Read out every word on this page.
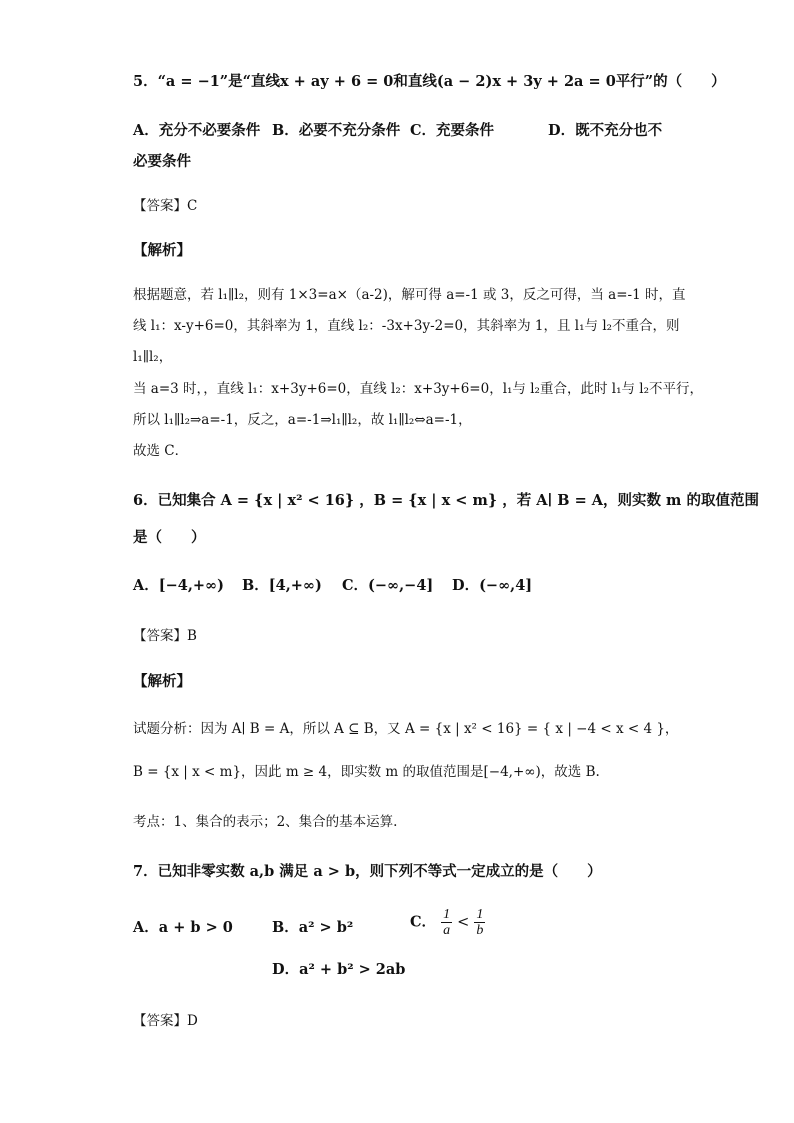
5．“a = −1”是“直线x + ay + 6 = 0和直线(a − 2)x + 3y + 2a = 0平行”的（　　）
A．充分不必要条件 B．必要不充分条件 C．充要条件	D．既不充分也不
必要条件
【答案】C
【解析】
根据题意，若 l₁∥l₂，则有 1×3=a×（a-2)，解可得 a=-1 或 3，反之可得，当 a=-1 时，直
线 l₁：x-y+6=0，其斜率为 1，直线 l₂：-3x+3y-2=0，其斜率为 1，且 l₁与 l₂不重合，则
l₁∥l₂，
当 a=3 时，，直线 l₁：x+3y+6=0，直线 l₂：x+3y+6=0，l₁与 l₂重合，此时 l₁与 l₂不平行，
所以 l₁∥l₂⇒a=-1，反之，a=-1⇒l₁∥l₂，故 l₁∥l₂⇔a=-1，
故选 C．
6．已知集合 A = {x | x² < 16} ，B = {x | x < m} ，若 A∣ B = A，则实数 m 的取值范围
是（　　）
A．[−4,+∞) B．[4,+∞) C．(−∞,−4] D．(−∞,4]
【答案】B
【解析】
试题分析：因为 A∣ B = A，所以 A ⊆ B，又 A = {x | x² < 16} = { x | −4 < x < 4 }，
B = {x | x < m}，因此 m ≥ 4，即实数 m 的取值范围是[−4,+∞)，故选 B.
考点：1、集合的表示；2、集合的基本运算.
7．已知非零实数 a,b 满足 a > b，则下列不等式一定成立的是（　　）
A．a + b > 0	B．a² > b²	C． $\frac{1}{a} < \frac{1}{b}$
D．a² + b² > 2ab
【答案】D
